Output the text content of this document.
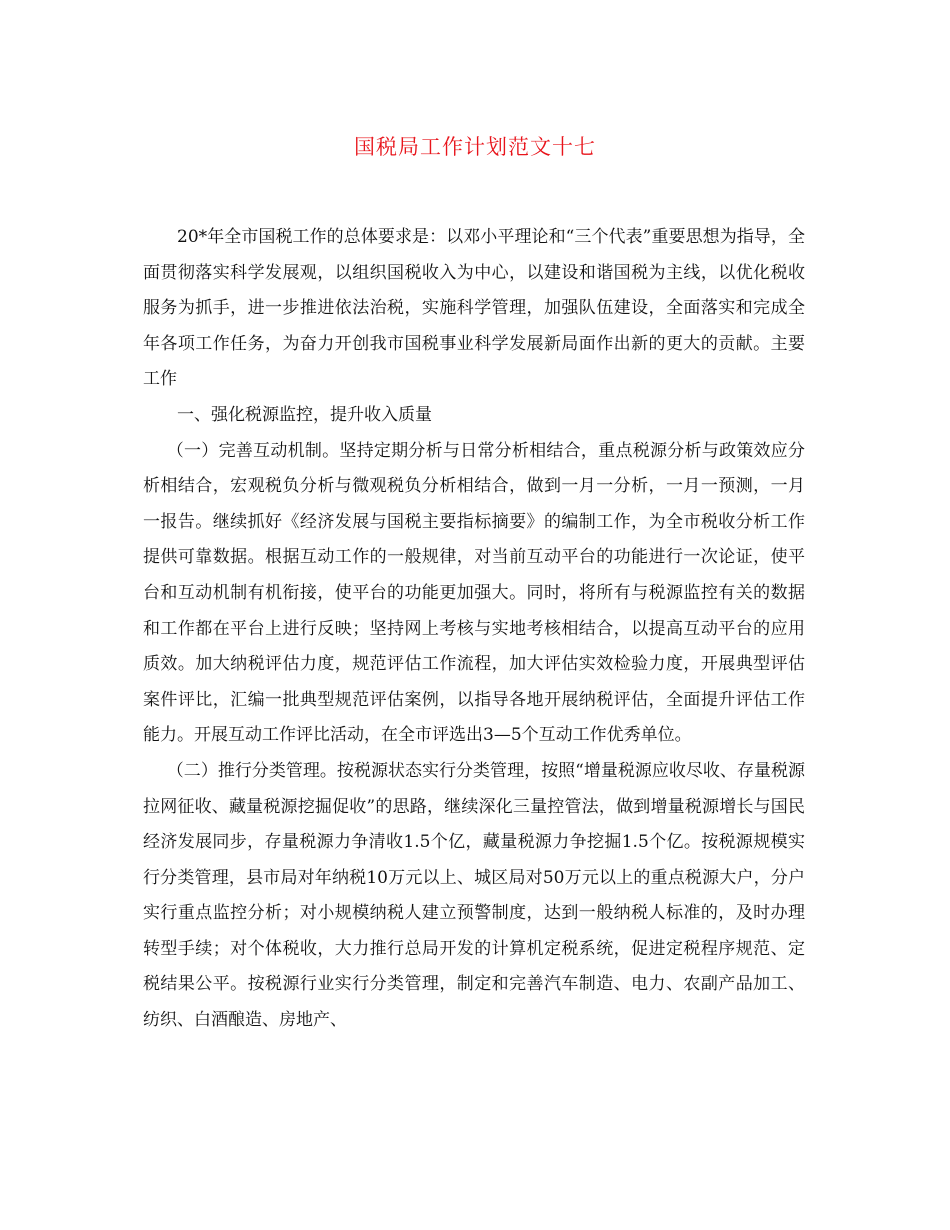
国税局工作计划范文十七

20*年全市国税工作的总体要求是：以邓小平理论和“三个代表”重要思想为指导，全面贯彻落实科学发展观，以组织国税收入为中心，以建设和谐国税为主线，以优化税收服务为抓手，进一步推进依法治税，实施科学管理，加强队伍建设，全面落实和完成全年各项工作任务，为奋力开创我市国税事业科学发展新局面作出新的更大的贡献。主要工作

一、强化税源监控，提升收入质量

（一）完善互动机制。坚持定期分析与日常分析相结合，重点税源分析与政策效应分析相结合，宏观税负分析与微观税负分析相结合，做到一月一分析，一月一预测，一月一报告。继续抓好《经济发展与国税主要指标摘要》的编制工作，为全市税收分析工作提供可靠数据。根据互动工作的一般规律，对当前互动平台的功能进行一次论证，使平台和互动机制有机衔接，使平台的功能更加强大。同时，将所有与税源监控有关的数据和工作都在平台上进行反映；坚持网上考核与实地考核相结合，以提高互动平台的应用质效。加大纳税评估力度，规范评估工作流程，加大评估实效检验力度，开展典型评估案件评比，汇编一批典型规范评估案例，以指导各地开展纳税评估，全面提升评估工作能力。开展互动工作评比活动，在全市评选出3—5个互动工作优秀单位。

（二）推行分类管理。按税源状态实行分类管理，按照“增量税源应收尽收、存量税源拉网征收、藏量税源挖掘促收”的思路，继续深化三量控管法，做到增量税源增长与国民经济发展同步，存量税源力争清收1.5个亿，藏量税源力争挖掘1.5个亿。按税源规模实行分类管理，县市局对年纳税10万元以上、城区局对50万元以上的重点税源大户，分户实行重点监控分析；对小规模纳税人建立预警制度，达到一般纳税人标准的，及时办理转型手续；对个体税收，大力推行总局开发的计算机定税系统，促进定税程序规范、定税结果公平。按税源行业实行分类管理，制定和完善汽车制造、电力、农副产品加工、纺织、白酒酿造、房地产、
